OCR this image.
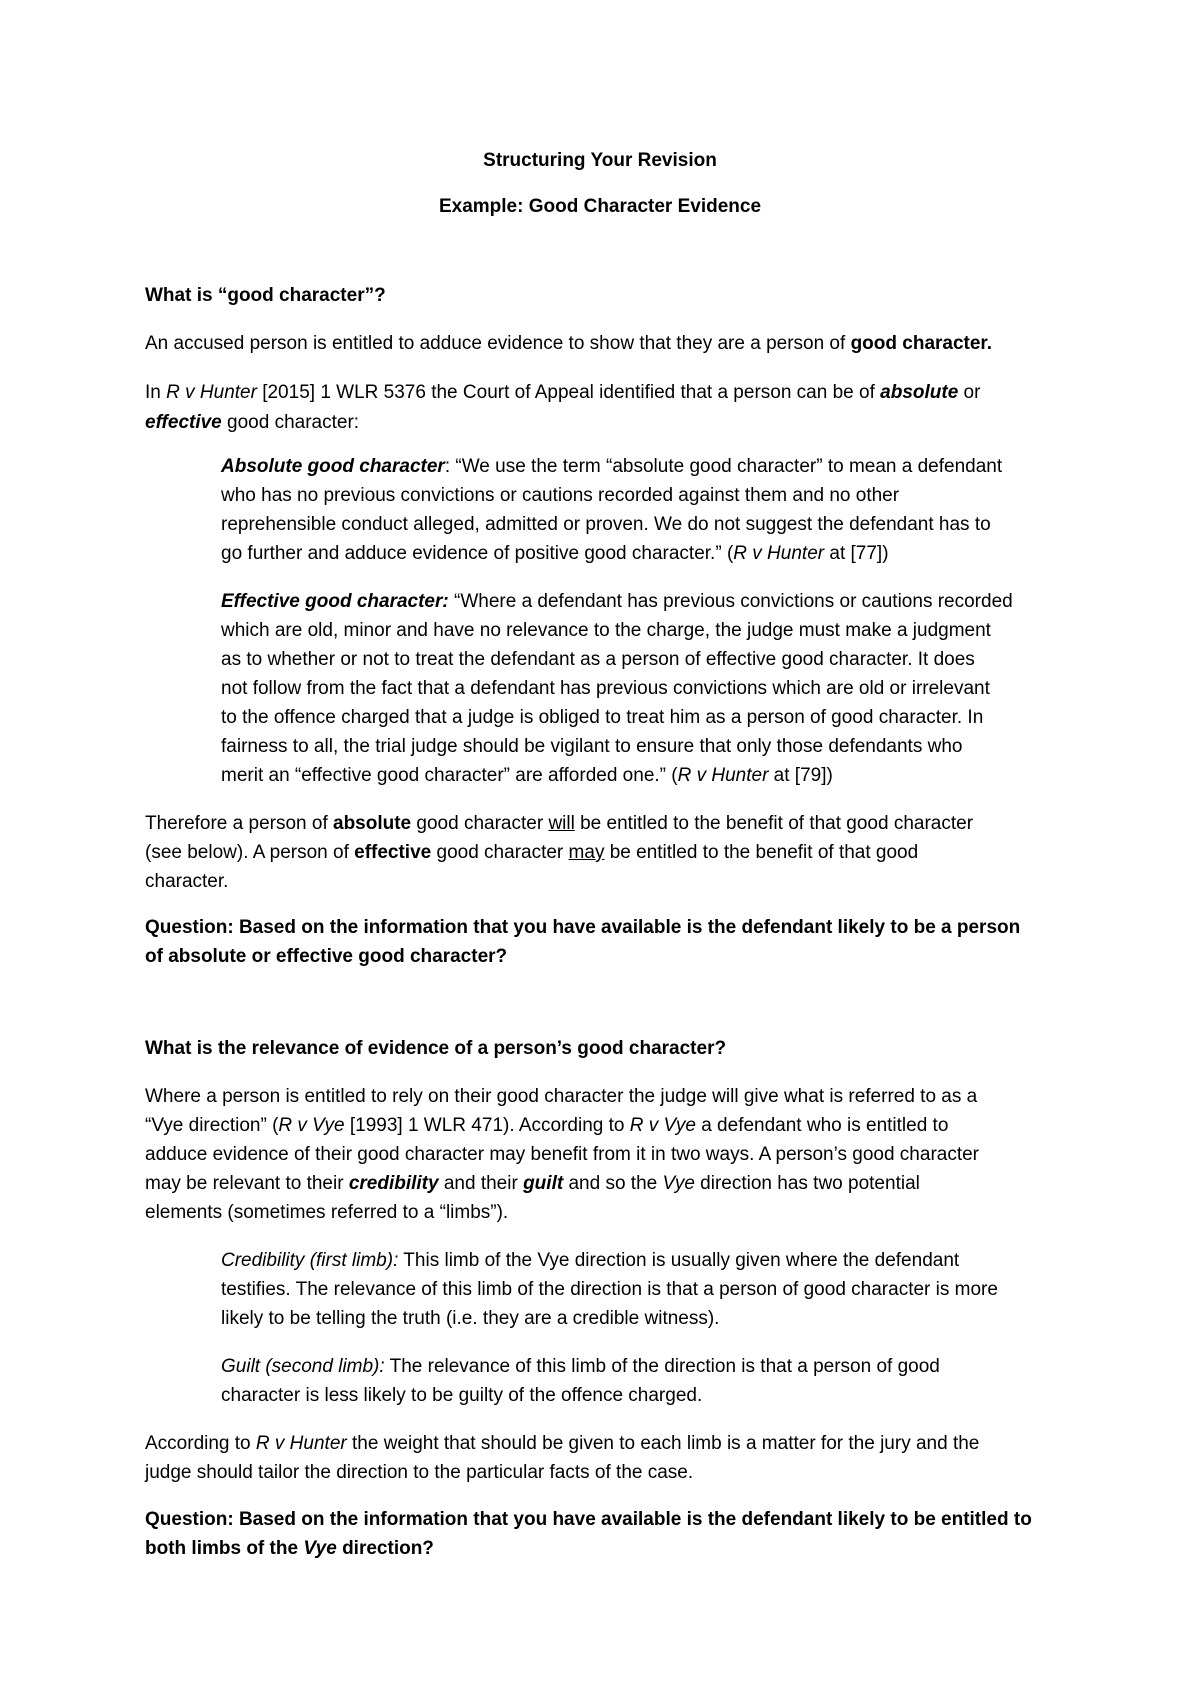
Structuring Your Revision
Example: Good Character Evidence
What is “good character”?
An accused person is entitled to adduce evidence to show that they are a person of good character.
In R v Hunter [2015] 1 WLR 5376 the Court of Appeal identified that a person can be of absolute or
effective good character:
Absolute good character: “We use the term “absolute good character” to mean a defendant
who has no previous convictions or cautions recorded against them and no other
reprehensible conduct alleged, admitted or proven. We do not suggest the defendant has to
go further and adduce evidence of positive good character.” (R v Hunter at [77])
Effective good character: “Where a defendant has previous convictions or cautions recorded
which are old, minor and have no relevance to the charge, the judge must make a judgment
as to whether or not to treat the defendant as a person of effective good character. It does
not follow from the fact that a defendant has previous convictions which are old or irrelevant
to the offence charged that a judge is obliged to treat him as a person of good character. In
fairness to all, the trial judge should be vigilant to ensure that only those defendants who
merit an “effective good character” are afforded one.” (R v Hunter at [79])
Therefore a person of absolute good character will be entitled to the benefit of that good character
(see below). A person of effective good character may be entitled to the benefit of that good
character.
Question: Based on the information that you have available is the defendant likely to be a person
of absolute or effective good character?
What is the relevance of evidence of a person’s good character?
Where a person is entitled to rely on their good character the judge will give what is referred to as a
“Vye direction” (R v Vye [1993] 1 WLR 471). According to R v Vye a defendant who is entitled to
adduce evidence of their good character may benefit from it in two ways. A person’s good character
may be relevant to their credibility and their guilt and so the Vye direction has two potential
elements (sometimes referred to a “limbs”).
Credibility (first limb): This limb of the Vye direction is usually given where the defendant
testifies. The relevance of this limb of the direction is that a person of good character is more
likely to be telling the truth (i.e. they are a credible witness).
Guilt (second limb): The relevance of this limb of the direction is that a person of good
character is less likely to be guilty of the offence charged.
According to R v Hunter the weight that should be given to each limb is a matter for the jury and the
judge should tailor the direction to the particular facts of the case.
Question: Based on the information that you have available is the defendant likely to be entitled to
both limbs of the Vye direction?
